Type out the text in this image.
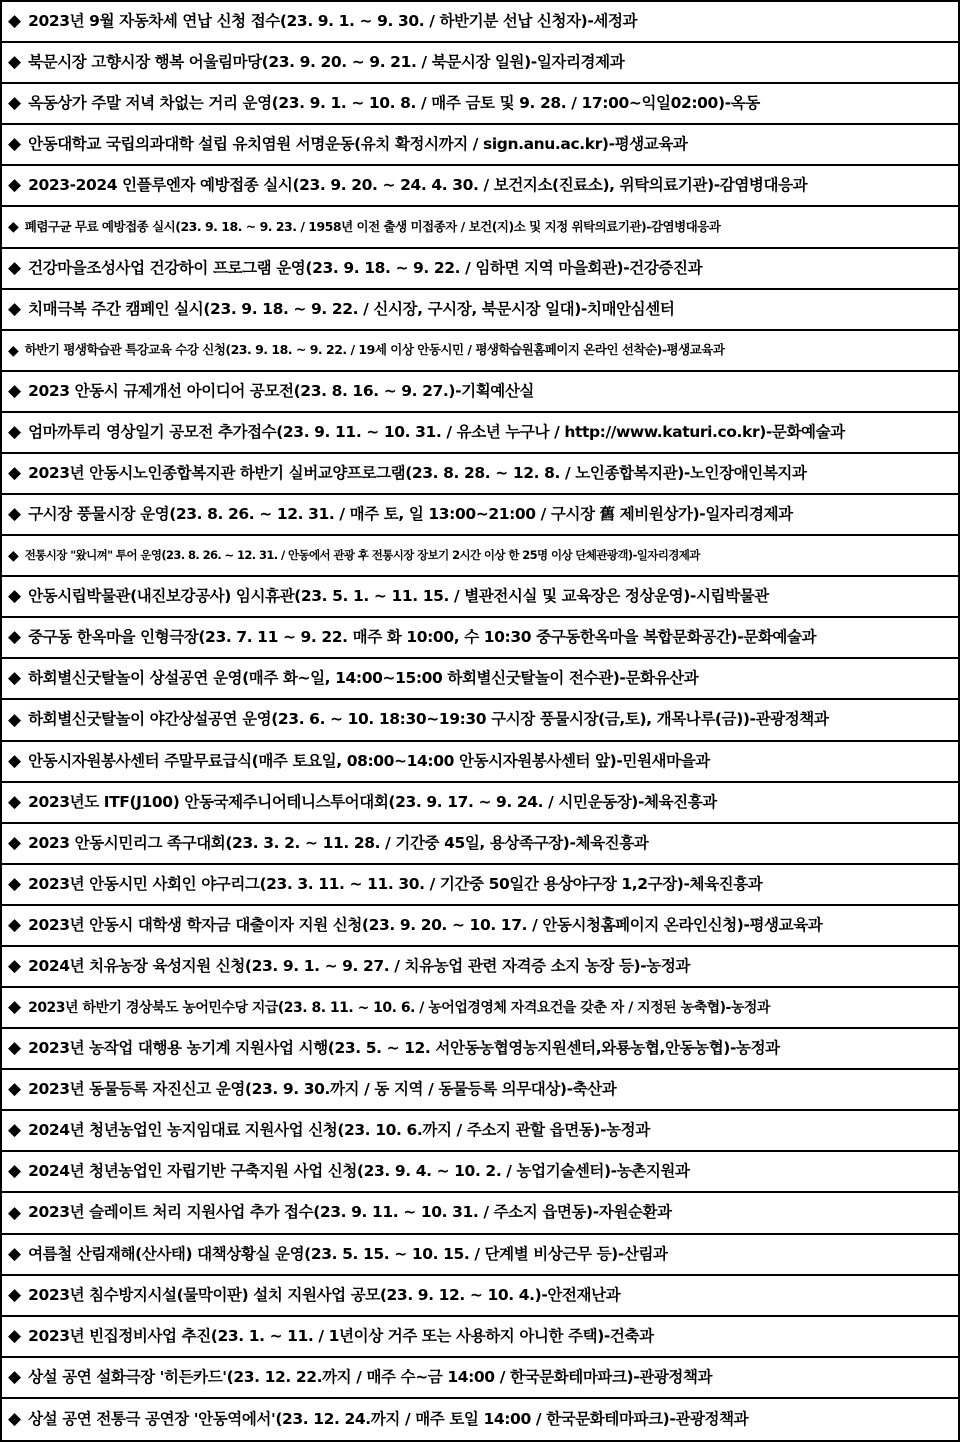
◆ 2023년 9월 자동차세 연납 신청 접수(23. 9. 1. ~ 9. 30. / 하반기분 선납 신청자)-세정과
◆ 북문시장 고향시장 행복 어울림마당(23. 9. 20. ~ 9. 21. / 북문시장 일원)-일자리경제과
◆ 옥동상가 주말 저녁 차없는 거리 운영(23. 9. 1. ~ 10. 8. / 매주 금토 및 9. 28. / 17:00~익일02:00)-옥동
◆ 안동대학교 국립의과대학 설립 유치염원 서명운동(유치 확정시까지 / sign.anu.ac.kr)-평생교육과
◆ 2023-2024 인플루엔자 예방접종 실시(23. 9. 20. ~ 24. 4. 30. / 보건지소(진료소), 위탁의료기관)-감염병대응과
◆ 폐렴구균 무료 예방접종 실시(23. 9. 18. ~ 9. 23. / 1958년 이전 출생 미접종자 / 보건(지)소 및 지정 위탁의료기관)-감염병대응과
◆ 건강마을조성사업 건강하이 프로그램 운영(23. 9. 18. ~ 9. 22. / 임하면 지역 마을회관)-건강증진과
◆ 치매극복 주간 캠페인 실시(23. 9. 18. ~ 9. 22. / 신시장, 구시장, 북문시장 일대)-치매안심센터
◆ 하반기 평생학습관 특강교육 수강 신청(23. 9. 18. ~ 9. 22. / 19세 이상 안동시민 / 평생학습원홈페이지 온라인 선착순)-평생교육과
◆ 2023 안동시 규제개선 아이디어 공모전(23. 8. 16. ~ 9. 27.)-기획예산실
◆ 엄마까투리 영상일기 공모전 추가접수(23. 9. 11. ~ 10. 31. / 유소년 누구나 / http://www.katuri.co.kr)-문화예술과
◆ 2023년 안동시노인종합복지관 하반기 실버교양프로그램(23. 8. 28. ~ 12. 8. / 노인종합복지관)-노인장애인복지과
◆ 구시장 풍물시장 운영(23. 8. 26. ~ 12. 31. / 매주 토, 일 13:00~21:00 / 구시장 舊 제비원상가)-일자리경제과
◆ 전통시장 "왔니껴" 투어 운영(23. 8. 26. ~ 12. 31. / 안동에서 관광 후 전통시장 장보기 2시간 이상 한 25명 이상 단체관광객)-일자리경제과
◆ 안동시립박물관(내진보강공사) 임시휴관(23. 5. 1. ~ 11. 15. / 별관전시실 및 교육장은 정상운영)-시립박물관
◆ 중구동 한옥마을 인형극장(23. 7. 11 ~ 9. 22. 매주 화 10:00, 수 10:30 중구동한옥마을 복합문화공간)-문화예술과
◆ 하회별신굿탈놀이 상설공연 운영(매주 화~일, 14:00~15:00 하회별신굿탈놀이 전수관)-문화유산과
◆ 하회별신굿탈놀이 야간상설공연 운영(23. 6. ~ 10. 18:30~19:30 구시장 풍물시장(금,토), 개목나루(금))-관광정책과
◆ 안동시자원봉사센터 주말무료급식(매주 토요일, 08:00~14:00 안동시자원봉사센터 앞)-민원새마을과
◆ 2023년도 ITF(J100) 안동국제주니어테니스투어대회(23. 9. 17. ~ 9. 24. / 시민운동장)-체육진흥과
◆ 2023 안동시민리그 족구대회(23. 3. 2. ~ 11. 28. / 기간중 45일, 용상족구장)-체육진흥과
◆ 2023년 안동시민 사회인 야구리그(23. 3. 11. ~ 11. 30. / 기간중 50일간 용상야구장 1,2구장)-체육진흥과
◆ 2023년 안동시 대학생 학자금 대출이자 지원 신청(23. 9. 20. ~ 10. 17. / 안동시청홈페이지 온라인신청)-평생교육과
◆ 2024년 치유농장 육성지원 신청(23. 9. 1. ~ 9. 27. / 치유농업 관련 자격증 소지 농장 등)-농정과
◆ 2023년 하반기 경상북도 농어민수당 지급(23. 8. 11. ~ 10. 6. / 농어업경영체 자격요건을 갖춘 자 / 지정된 농축협)-농정과
◆ 2023년 농작업 대행용 농기계 지원사업 시행(23. 5. ~ 12. 서안동농협영농지원센터,와룡농협,안동농협)-농정과
◆ 2023년 동물등록 자진신고 운영(23. 9. 30.까지 / 동 지역 / 동물등록 의무대상)-축산과
◆ 2024년 청년농업인 농지임대료 지원사업 신청(23. 10. 6.까지 / 주소지 관할 읍면동)-농정과
◆ 2024년 청년농업인 자립기반 구축지원 사업 신청(23. 9. 4. ~ 10. 2. / 농업기술센터)-농촌지원과
◆ 2023년 슬레이트 처리 지원사업 추가 접수(23. 9. 11. ~ 10. 31. / 주소지 읍면동)-자원순환과
◆ 여름철 산림재해(산사태) 대책상황실 운영(23. 5. 15. ~ 10. 15. / 단계별 비상근무 등)-산림과
◆ 2023년 침수방지시설(물막이판) 설치 지원사업 공모(23. 9. 12. ~ 10. 4.)-안전재난과
◆ 2023년 빈집정비사업 추진(23. 1. ~ 11. / 1년이상 거주 또는 사용하지 아니한 주택)-건축과
◆ 상설 공연 설화극장 '히든카드'(23. 12. 22.까지 / 매주 수~금 14:00 / 한국문화테마파크)-관광정책과
◆ 상설 공연 전통극 공연장 '안동역에서'(23. 12. 24.까지 / 매주 토일 14:00 / 한국문화테마파크)-관광정책과
